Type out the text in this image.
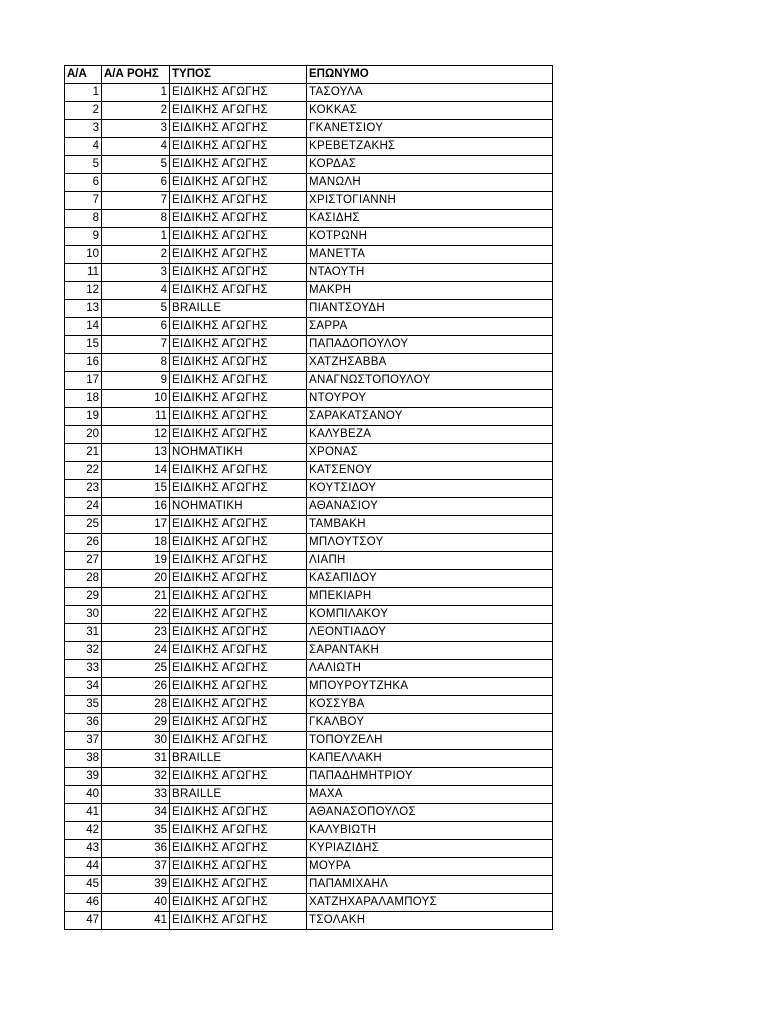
Α/Α	Α/Α ΡΟΗΣ	ΤΥΠΟΣ	ΕΠΩΝΥΜΟ
1	1	ΕΙΔΙΚΗΣ ΑΓΩΓΗΣ	ΤΑΣΟΥΛΑ
2	2	ΕΙΔΙΚΗΣ ΑΓΩΓΗΣ	ΚΟΚΚΑΣ
3	3	ΕΙΔΙΚΗΣ ΑΓΩΓΗΣ	ΓΚΑΝΕΤΣΙΟΥ
4	4	ΕΙΔΙΚΗΣ ΑΓΩΓΗΣ	ΚΡΕΒΕΤΖΑΚΗΣ
5	5	ΕΙΔΙΚΗΣ ΑΓΩΓΗΣ	ΚΟΡΔΑΣ
6	6	ΕΙΔΙΚΗΣ ΑΓΩΓΗΣ	ΜΑΝΩΛΗ
7	7	ΕΙΔΙΚΗΣ ΑΓΩΓΗΣ	ΧΡΙΣΤΟΓΙΑΝΝΗ
8	8	ΕΙΔΙΚΗΣ ΑΓΩΓΗΣ	ΚΑΣΙΔΗΣ
9	1	ΕΙΔΙΚΗΣ ΑΓΩΓΗΣ	ΚΟΤΡΩΝΗ
10	2	ΕΙΔΙΚΗΣ ΑΓΩΓΗΣ	ΜΑΝΕΤΤΑ
11	3	ΕΙΔΙΚΗΣ ΑΓΩΓΗΣ	ΝΤΑΟΥΤΗ
12	4	ΕΙΔΙΚΗΣ ΑΓΩΓΗΣ	ΜΑΚΡΗ
13	5	BRAILLE	ΠΙΑΝΤΣΟΥΔΗ
14	6	ΕΙΔΙΚΗΣ ΑΓΩΓΗΣ	ΣΑΡΡΑ
15	7	ΕΙΔΙΚΗΣ ΑΓΩΓΗΣ	ΠΑΠΑΔΟΠΟΥΛΟΥ
16	8	ΕΙΔΙΚΗΣ ΑΓΩΓΗΣ	ΧΑΤΖΗΣΑΒΒΑ
17	9	ΕΙΔΙΚΗΣ ΑΓΩΓΗΣ	ΑΝΑΓΝΩΣΤΟΠΟΥΛΟΥ
18	10	ΕΙΔΙΚΗΣ ΑΓΩΓΗΣ	ΝΤΟΥΡΟΥ
19	11	ΕΙΔΙΚΗΣ ΑΓΩΓΗΣ	ΣΑΡΑΚΑΤΣΑΝΟΥ
20	12	ΕΙΔΙΚΗΣ ΑΓΩΓΗΣ	ΚΑΛΥΒΕΖΑ
21	13	ΝΟΗΜΑΤΙΚΗ	ΧΡΟΝΑΣ
22	14	ΕΙΔΙΚΗΣ ΑΓΩΓΗΣ	ΚΑΤΣΕΝΟΥ
23	15	ΕΙΔΙΚΗΣ ΑΓΩΓΗΣ	ΚΟΥΤΣΙΔΟΥ
24	16	ΝΟΗΜΑΤΙΚΗ	ΑΘΑΝΑΣΙΟΥ
25	17	ΕΙΔΙΚΗΣ ΑΓΩΓΗΣ	ΤΑΜΒΑΚΗ
26	18	ΕΙΔΙΚΗΣ ΑΓΩΓΗΣ	ΜΠΛΟΥΤΣΟΥ
27	19	ΕΙΔΙΚΗΣ ΑΓΩΓΗΣ	ΛΙΑΠΗ
28	20	ΕΙΔΙΚΗΣ ΑΓΩΓΗΣ	ΚΑΣΑΠΙΔΟΥ
29	21	ΕΙΔΙΚΗΣ ΑΓΩΓΗΣ	ΜΠΕΚΙΑΡΗ
30	22	ΕΙΔΙΚΗΣ ΑΓΩΓΗΣ	ΚΟΜΠΙΛΑΚΟΥ
31	23	ΕΙΔΙΚΗΣ ΑΓΩΓΗΣ	ΛΕΟΝΤΙΑΔΟΥ
32	24	ΕΙΔΙΚΗΣ ΑΓΩΓΗΣ	ΣΑΡΑΝΤΑΚΗ
33	25	ΕΙΔΙΚΗΣ ΑΓΩΓΗΣ	ΛΑΛΙΩΤΗ
34	26	ΕΙΔΙΚΗΣ ΑΓΩΓΗΣ	ΜΠΟΥΡΟΥΤΖΗΚΑ
35	28	ΕΙΔΙΚΗΣ ΑΓΩΓΗΣ	ΚΟΣΣΥΒΑ
36	29	ΕΙΔΙΚΗΣ ΑΓΩΓΗΣ	ΓΚΑΛΒΟΥ
37	30	ΕΙΔΙΚΗΣ ΑΓΩΓΗΣ	ΤΟΠΟΥΖΕΛΗ
38	31	BRAILLE	ΚΑΠΕΛΛΑΚΗ
39	32	ΕΙΔΙΚΗΣ ΑΓΩΓΗΣ	ΠΑΠΑΔΗΜΗΤΡΙΟΥ
40	33	BRAILLE	ΜΑΧΑ
41	34	ΕΙΔΙΚΗΣ ΑΓΩΓΗΣ	ΑΘΑΝΑΣΟΠΟΥΛΟΣ
42	35	ΕΙΔΙΚΗΣ ΑΓΩΓΗΣ	ΚΑΛΥΒΙΩΤΗ
43	36	ΕΙΔΙΚΗΣ ΑΓΩΓΗΣ	ΚΥΡΙΑΖΙΔΗΣ
44	37	ΕΙΔΙΚΗΣ ΑΓΩΓΗΣ	ΜΟΥΡΑ
45	39	ΕΙΔΙΚΗΣ ΑΓΩΓΗΣ	ΠΑΠΑΜΙΧΑΗΛ
46	40	ΕΙΔΙΚΗΣ ΑΓΩΓΗΣ	ΧΑΤΖΗΧΑΡΑΛΑΜΠΟΥΣ
47	41	ΕΙΔΙΚΗΣ ΑΓΩΓΗΣ	ΤΣΟΛΑΚΗ
